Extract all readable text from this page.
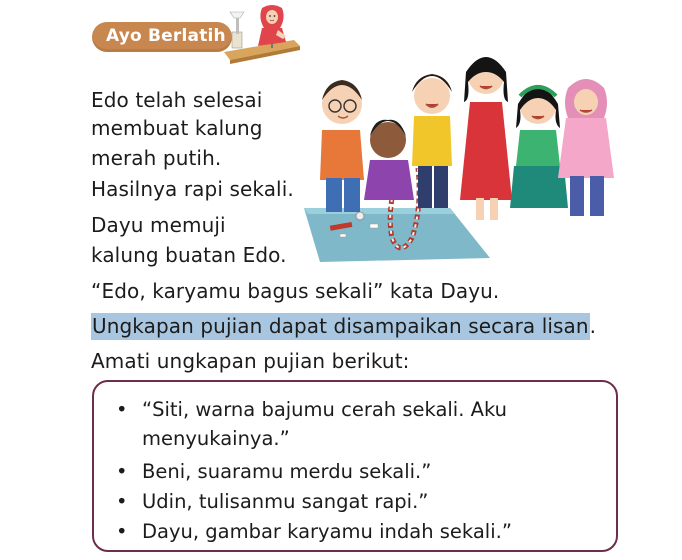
Ayo Berlatih
Edo telah selesai
membuat kalung
merah putih.
Hasilnya rapi sekali.
Dayu memuji
kalung buatan Edo.
“Edo, karyamu bagus sekali” kata Dayu.
Ungkapan pujian dapat disampaikan secara lisan.
Amati ungkapan pujian berikut:
• “Siti, warna bajumu cerah sekali. Aku
menyukainya.”
• Beni, suaramu merdu sekali.”
• Udin, tulisanmu sangat rapi.”
• Dayu, gambar karyamu indah sekali.”
